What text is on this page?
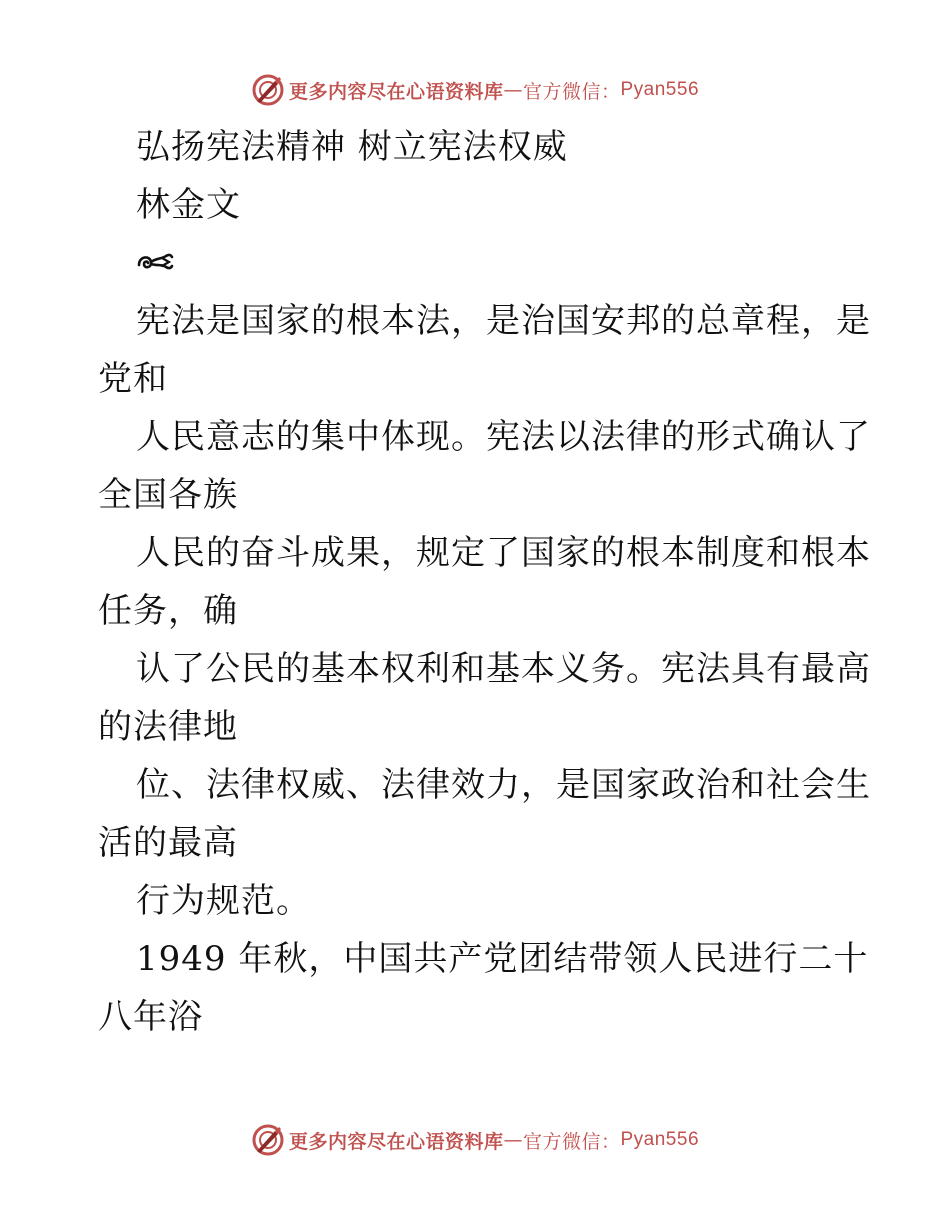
更多内容尽在心语资料库 — 官方微信： Pyan556
弘扬宪法精神 树立宪法权威
林金文
宪法是国家的根本法，是治国安邦的总章程，是
党和
人民意志的集中体现。宪法以法律的形式确认了
全国各族
人民的奋斗成果，规定了国家的根本制度和根本
任务，确
认了公民的基本权利和基本义务。宪法具有最高
的法律地
位、法律权威、法律效力，是国家政治和社会生
活的最高
行为规范。
1949 年秋，中国共产党团结带领人民进行二十
八年浴
更多内容尽在心语资料库 — 官方微信： Pyan556
